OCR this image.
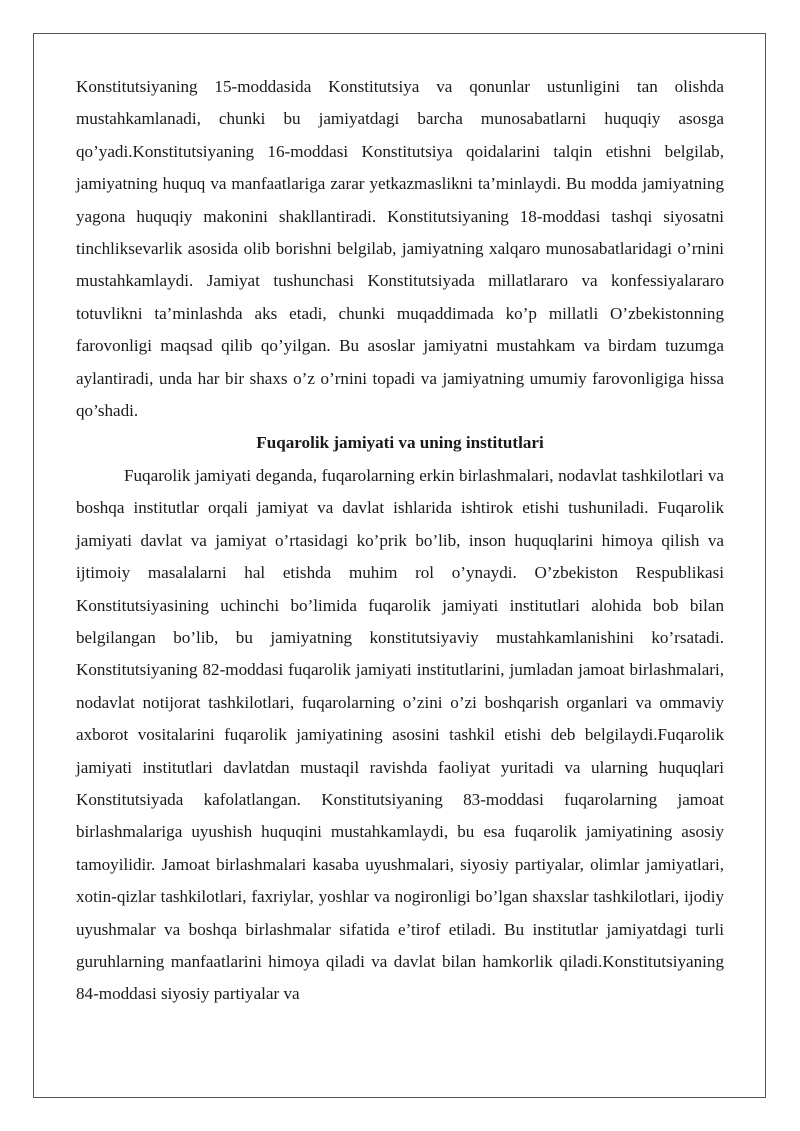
Konstitutsiyaning 15-moddasida Konstitutsiya va qonunlar ustunligini tan olishda mustahkamlanadi, chunki bu jamiyatdagi barcha munosabatlarni huquqiy asosga qo’yadi.Konstitutsiyaning 16-moddasi Konstitutsiya qoidalarini talqin etishni belgilab, jamiyatning huquq va manfaatlariga zarar yetkazmaslikni ta’minlaydi. Bu modda jamiyatning yagona huquqiy makonini shakllantiradi. Konstitutsiyaning 18-moddasi tashqi siyosatni tinchliksevarlik asosida olib borishni belgilab, jamiyatning xalqaro munosabatlaridagi o’rnini mustahkamlaydi. Jamiyat tushunchasi Konstitutsiyada millatlararo va konfessiyalararo totuvlikni ta’minlashda aks etadi, chunki muqaddimada ko’p millatli O’zbekistonning farovonligi maqsad qilib qo’yilgan. Bu asoslar jamiyatni mustahkam va birdam tuzumga aylantiradi, unda har bir shaxs o’z o’rnini topadi va jamiyatning umumiy farovonligiga hissa qo’shadi.

Fuqarolik jamiyati va uning institutlari

Fuqarolik jamiyati deganda, fuqarolarning erkin birlashmalari, nodavlat tashkilotlari va boshqa institutlar orqali jamiyat va davlat ishlarida ishtirok etishi tushuniladi. Fuqarolik jamiyati davlat va jamiyat o’rtasidagi ko’prik bo’lib, inson huquqlarini himoya qilish va ijtimoiy masalalarni hal etishda muhim rol o’ynaydi. O’zbekiston Respublikasi Konstitutsiyasining uchinchi bo’limida fuqarolik jamiyati institutlari alohida bob bilan belgilangan bo’lib, bu jamiyatning konstitutsiyaviy mustahkamlanishini ko’rsatadi. Konstitutsiyaning 82-moddasi fuqarolik jamiyati institutlarini, jumladan jamoat birlashmalari, nodavlat notijorat tashkilotlari, fuqarolarning o’zini o’zi boshqarish organlari va ommaviy axborot vositalarini fuqarolik jamiyatining asosini tashkil etishi deb belgilaydi.Fuqarolik jamiyati institutlari davlatdan mustaqil ravishda faoliyat yuritadi va ularning huquqlari Konstitutsiyada kafolatlangan. Konstitutsiyaning 83-moddasi fuqarolarning jamoat birlashmalariga uyushish huquqini mustahkamlaydi, bu esa fuqarolik jamiyatining asosiy tamoyilidir. Jamoat birlashmalari kasaba uyushmalari, siyosiy partiyalar, olimlar jamiyatlari, xotin-qizlar tashkilotlari, faxriylar, yoshlar va nogironligi bo’lgan shaxslar tashkilotlari, ijodiy uyushmalar va boshqa birlashmalar sifatida e’tirof etiladi. Bu institutlar jamiyatdagi turli guruhlarning manfaatlarini himoya qiladi va davlat bilan hamkorlik qiladi.Konstitutsiyaning 84-moddasi siyosiy partiyalar va
